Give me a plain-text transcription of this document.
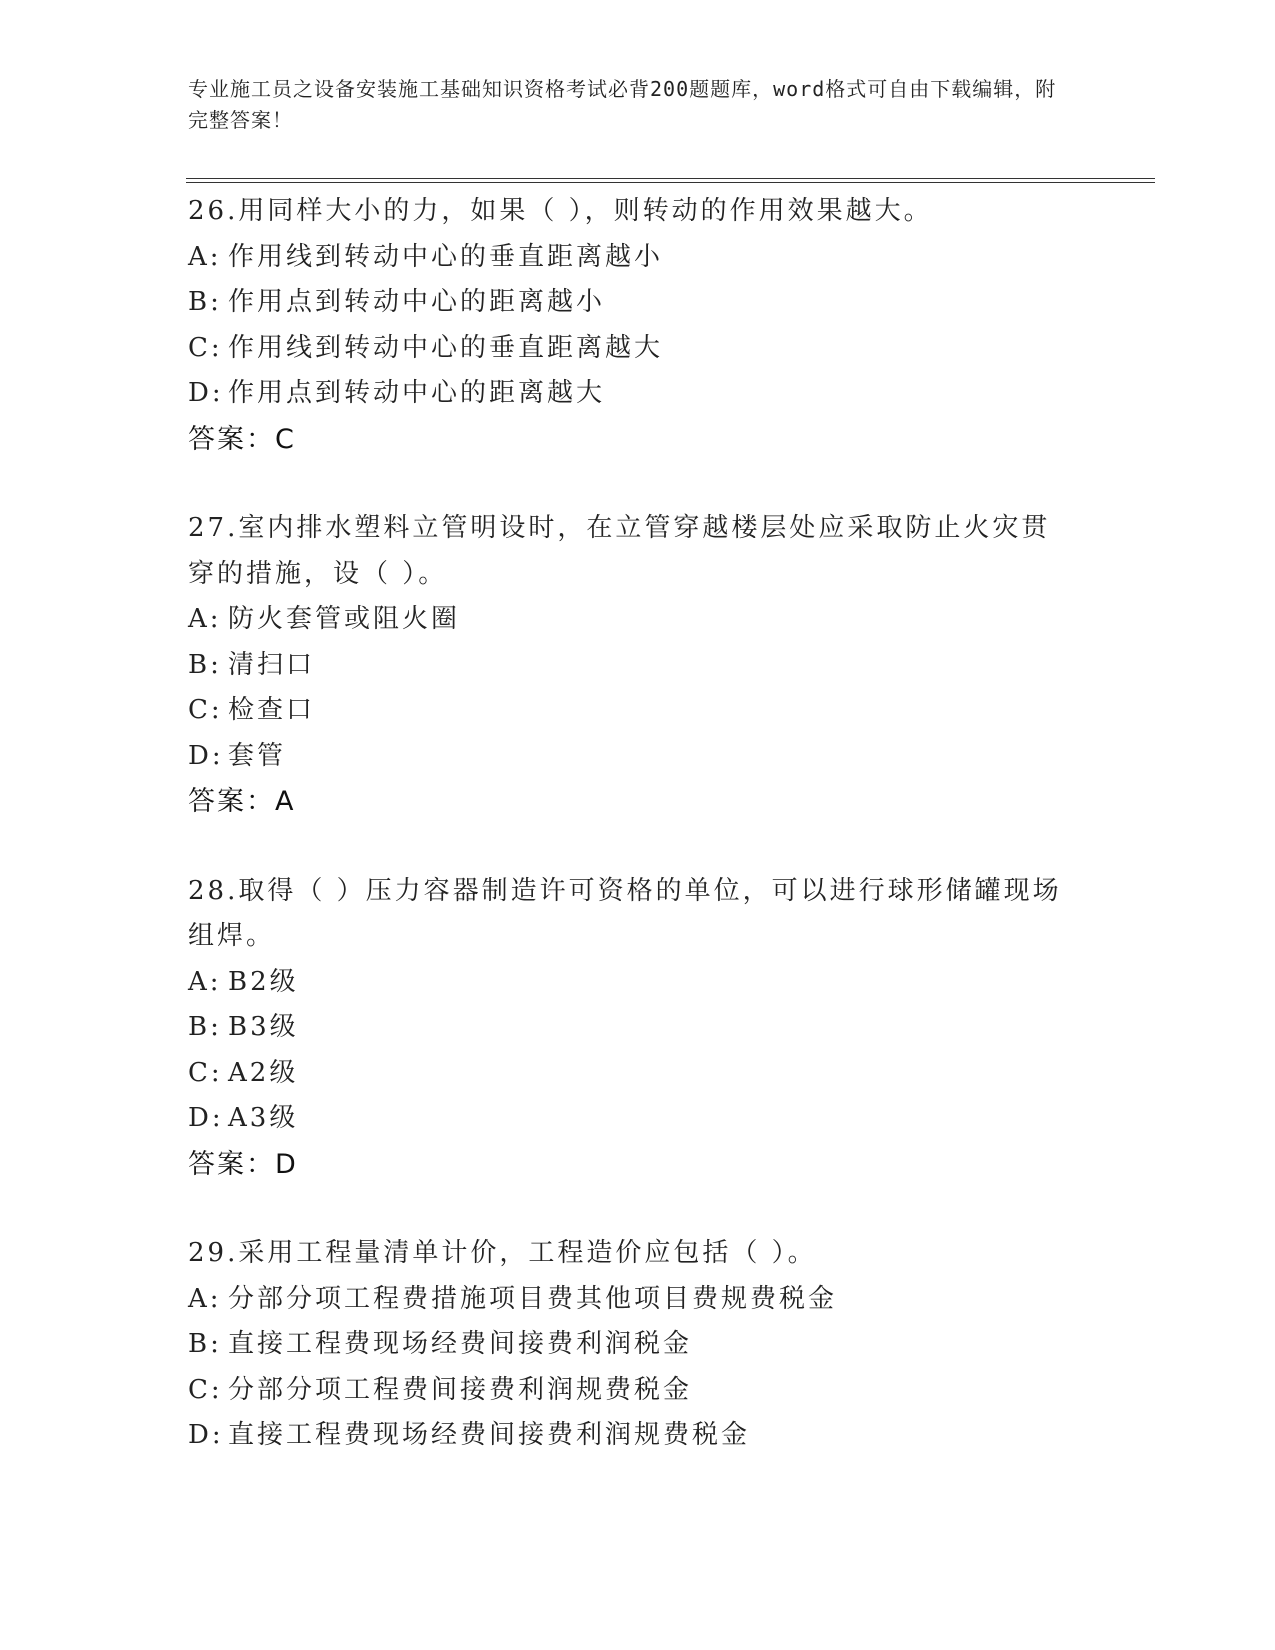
专业施工员之设备安装施工基础知识资格考试必背200题题库，word格式可自由下载编辑，附完整答案！
26.用同样大小的力，如果（ ），则转动的作用效果越大。
A: 作用线到转动中心的垂直距离越小
B: 作用点到转动中心的距离越小
C: 作用线到转动中心的垂直距离越大
D: 作用点到转动中心的距离越大
答案：C
27.室内排水塑料立管明设时，在立管穿越楼层处应采取防止火灾贯穿的措施，设（ ）。
A: 防火套管或阻火圈
B: 清扫口
C: 检查口
D: 套管
答案：A
28.取得（ ）压力容器制造许可资格的单位，可以进行球形储罐现场组焊。
A: B2级
B: B3级
C: A2级
D: A3级
答案：D
29.采用工程量清单计价，工程造价应包括（ ）。
A: 分部分项工程费措施项目费其他项目费规费税金
B: 直接工程费现场经费间接费利润税金
C: 分部分项工程费间接费利润规费税金
D: 直接工程费现场经费间接费利润规费税金
